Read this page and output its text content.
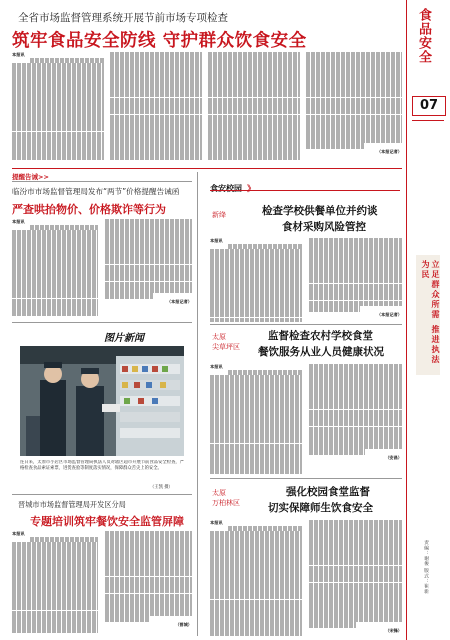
食品安全
07
立足群众所需 推进执法为民
责编：谢俊 版式：崔新
全省市场监督管理系统开展节前市场专项检查
筑牢食品安全防线 守护群众饮食安全
本报讯
（本报记者）
提醒告诫>>
临汾市市场监督管理局发布“两节”价格提醒告诫函
严查哄抬物价、价格欺诈等行为
本报讯
（本报记者）
图片新闻
连日来，太原市小店区市场监督管理局执法人员对辖区超市开展节前食品安全检查，严格检查食品索证索票、进货查验等制度落实情况，保障群众舌尖上的安全。
（王凯 摄）
晋城市市场监督管理局开发区分局
专题培训筑牢餐饮安全监管屏障
本报讯
（晋城）
食安校园 》
新绛	检查学校供餐单位并约谈
食材采购风险管控
本报讯
（本报记者）
太原
尖草坪区
监督检查农村学校食堂
餐饮服务从业人员健康状况
本报讯
（安昌）
太原
万柏林区
强化校园食堂监督
切实保障师生饮食安全
本报讯
（宋锋）
